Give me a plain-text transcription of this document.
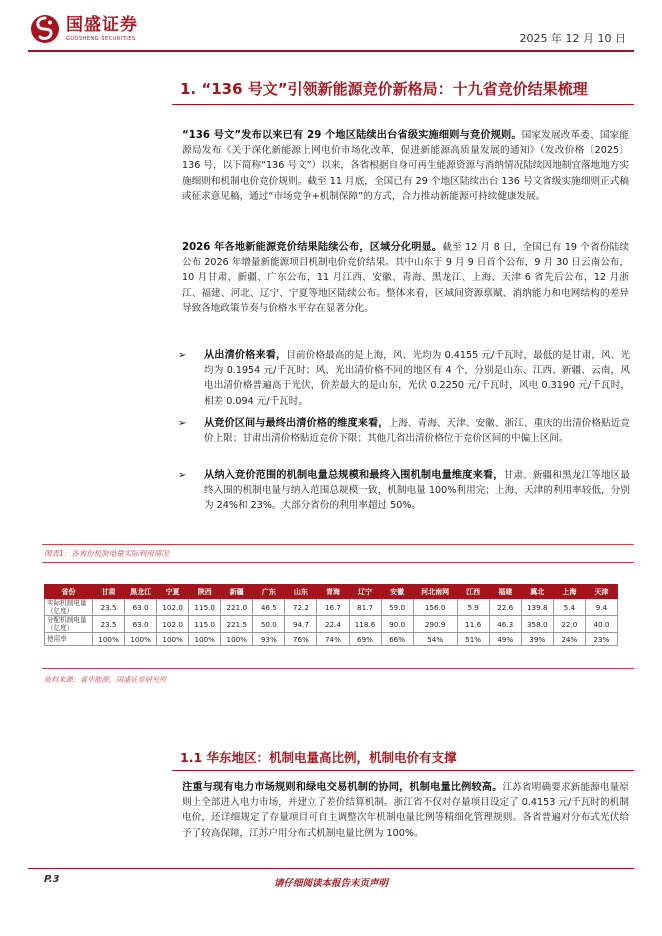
国盛证券
GUOSHENG SECURITIES	2025 年 12 月 10 日
1. “136 号文”引领新能源竞价新格局：十九省竞价结果梳理
“136 号文”发布以来已有 29 个地区陆续出台省级实施细则与竞价规则。国家发展改革委、国家能源局发布《关于深化新能源上网电价市场化改革，促进新能源高质量发展的通知》（发改价格〔2025〕136 号，以下简称“136 号文”）以来，各省根据自身可再生能源资源与消纳情况陆续因地制宜落地地方实施细则和机制电价竞价规则。截至 11 月底，全国已有 29 个地区陆续出台 136 号文省级实施细则正式稿或征求意见稿，通过“市场竞争+机制保障”的方式，合力推动新能源可持续健康发展。
2026 年各地新能源竞价结果陆续公布，区域分化明显。截至 12 月 8 日，全国已有 19 个省份陆续公布 2026 年增量新能源项目机制电价竞价结果。其中山东于 9 月 9 日首个公布，9 月 30 日云南公布，10 月甘肃、新疆、广东公布，11 月江西、安徽、青海、黑龙江、上海、天津 6 省先后公布，12 月浙江、福建、河北、辽宁、宁夏等地区陆续公布。整体来看，区域间资源禀赋、消纳能力和电网结构的差异导致各地政策节奏与价格水平存在显著分化。
➢	从出清价格来看，目前价格最高的是上海，风、光均为 0.4155 元/千瓦时，最低的是甘肃，风、光均为 0.1954 元/千瓦时；风、光出清价格不同的地区有 4 个，分别是山东、江西、新疆、云南，风电出清价格普遍高于光伏，价差最大的是山东，光伏 0.2250 元/千瓦时，风电 0.3190 元/千瓦时，相差 0.094 元/千瓦时。
➢	从竞价区间与最终出清价格的维度来看，上海、青海、天津、安徽、浙江、重庆的出清价格贴近竞价上限；甘肃出清价格贴近竞价下限；其他几省出清价格位于竞价区间的中偏上区间。
➢	从纳入竞价范围的机制电量总规模和最终入围机制电量维度来看，甘肃、新疆和黑龙江等地区最终入围的机制电量与纳入范围总规模一致，机制电量 100%利用完；上海、天津的利用率较低，分别为 24%和 23%。大部分省份的利用率超过 50%。
图表1：各省份机制电量实际利用情况
省份	甘肃	黑龙江	宁夏	陕西	新疆	广东	山东	青海	辽宁	安徽	河北南网	江西	福建	冀北	上海	天津
实际机制电量（亿度）	23.5	63.0	102.0	115.0	221.0	46.5	72.2	16.7	81.7	59.0	156.0	5.9	22.6	139.8	5.4	9.4
分配机制电量（亿度）	23.5	63.0	102.0	115.0	221.5	50.0	94.7	22.4	118.6	90.0	290.9	11.6	46.3	358.0	22.0	40.0
使用率	100%	100%	100%	100%	100%	93%	76%	74%	69%	66%	54%	51%	49%	39%	24%	23%
资料来源：睿华能源，国盛证券研究所
1.1 华东地区：机制电量高比例，机制电价有支撑
注重与现有电力市场规则和绿电交易机制的协同，机制电量比例较高。江苏省明确要求新能源电量原则上全部进入电力市场，并建立了差价结算机制。浙江省不仅对存量项目设定了 0.4153 元/千瓦时的机制电价，还详细规定了存量项目可自主调整次年机制电量比例等精细化管理规则。各省普遍对分布式光伏给予了较高保障，江苏户用分布式机制电量比例为 100%。
P.3	请仔细阅读本报告末页声明
